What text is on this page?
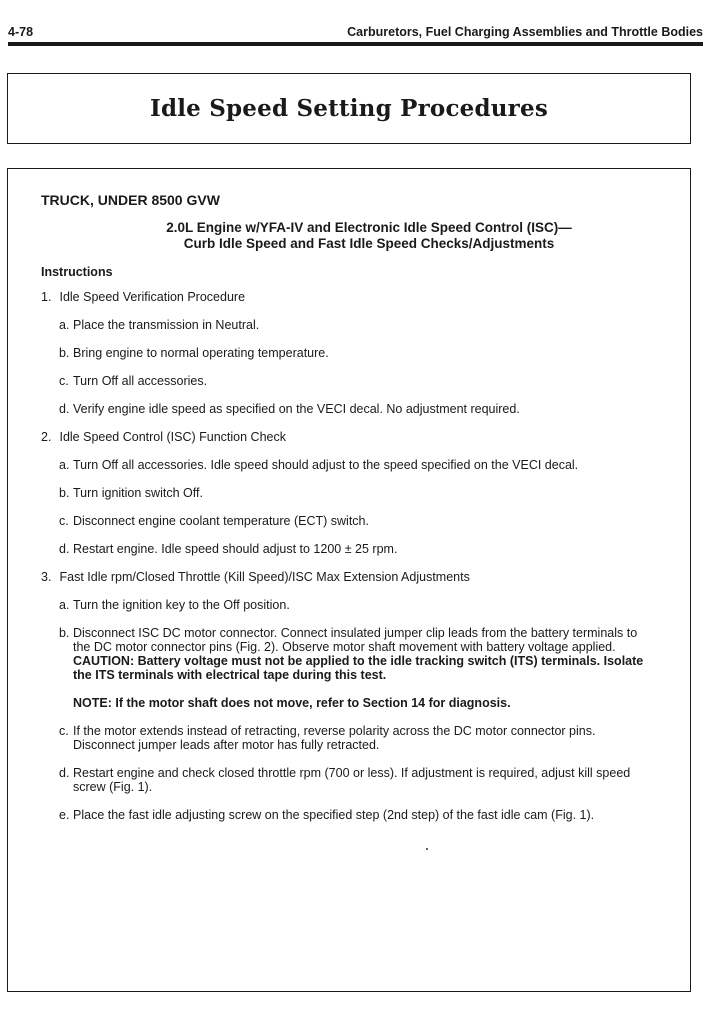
4-78	Carburetors, Fuel Charging Assemblies and Throttle Bodies
Idle Speed Setting Procedures
TRUCK, UNDER 8500 GVW
2.0L Engine w/YFA-IV and Electronic Idle Speed Control (ISC)—
Curb Idle Speed and Fast Idle Speed Checks/Adjustments
Instructions
1. Idle Speed Verification Procedure
a. Place the transmission in Neutral.
b. Bring engine to normal operating temperature.
c. Turn Off all accessories.
d. Verify engine idle speed as specified on the VECI decal. No adjustment required.
2. Idle Speed Control (ISC) Function Check
a. Turn Off all accessories. Idle speed should adjust to the speed specified on the VECI decal.
b. Turn ignition switch Off.
c. Disconnect engine coolant temperature (ECT) switch.
d. Restart engine. Idle speed should adjust to 1200 ± 25 rpm.
3. Fast Idle rpm/Closed Throttle (Kill Speed)/ISC Max Extension Adjustments
a. Turn the ignition key to the Off position.
b. Disconnect ISC DC motor connector. Connect insulated jumper clip leads from the battery terminals to the DC motor connector pins (Fig. 2). Observe motor shaft movement with battery voltage applied. CAUTION: Battery voltage must not be applied to the idle tracking switch (ITS) terminals. Isolate the ITS terminals with electrical tape during this test.
NOTE: If the motor shaft does not move, refer to Section 14 for diagnosis.
c. If the motor extends instead of retracting, reverse polarity across the DC motor connector pins. Disconnect jumper leads after motor has fully retracted.
d. Restart engine and check closed throttle rpm (700 or less). If adjustment is required, adjust kill speed screw (Fig. 1).
e. Place the fast idle adjusting screw on the specified step (2nd step) of the fast idle cam (Fig. 1).
